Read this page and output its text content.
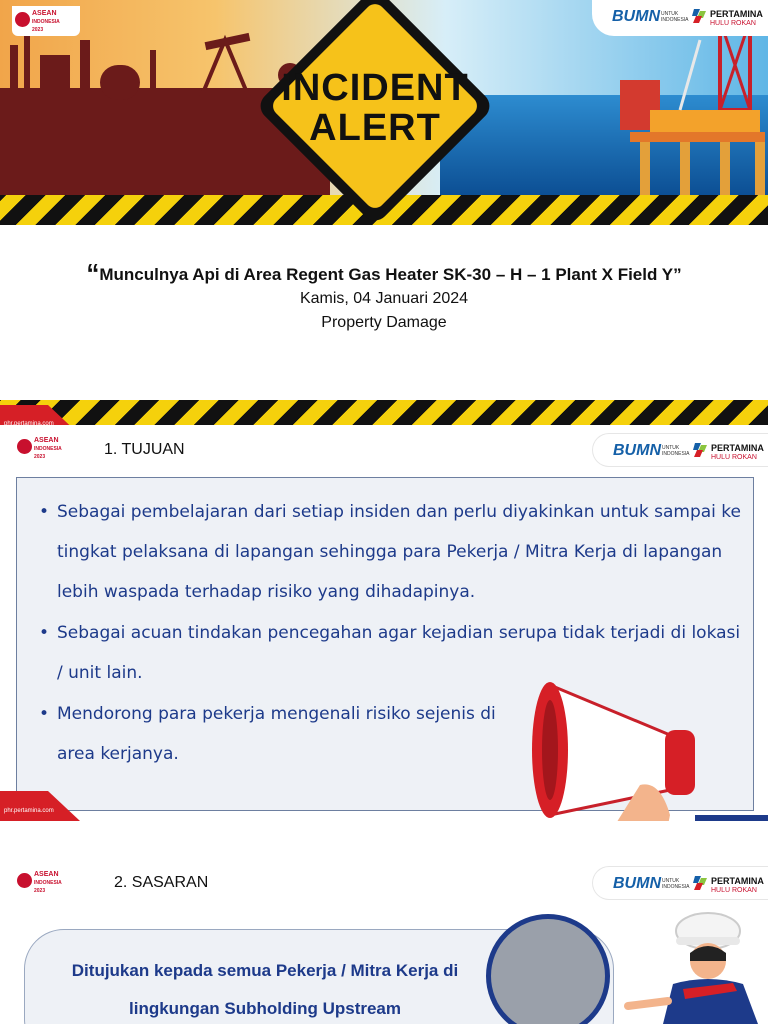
INCIDENT
ALERT
ASEAN
INDONESIA
2023
BUMN UNTUK
INDONESIA
PERTAMINA
HULU ROKAN
“Munculnya Api di Area Regent Gas Heater SK-30 – H – 1 Plant X Field Y”
Kamis, 04 Januari 2024
Property Damage
phr.pertamina.com
ASEAN
INDONESIA
2023	1. TUJUAN	BUMN UNTUK
INDONESIA
PERTAMINA
HULU ROKAN
• Sebagai pembelajaran dari setiap insiden dan perlu diyakinkan untuk sampai ke tingkat pelaksana di lapangan sehingga para Pekerja / Mitra Kerja di lapangan lebih waspada terhadap risiko yang dihadapinya.
• Sebagai acuan tindakan pencegahan agar kejadian serupa tidak terjadi di lokasi / unit lain.
• Mendorong para pekerja mengenali risiko sejenis di area kerjanya.
phr.pertamina.com
ASEAN
INDONESIA
2023	2. SASARAN	BUMN UNTUK
INDONESIA
PERTAMINA
HULU ROKAN
Ditujukan kepada semua Pekerja / Mitra Kerja di lingkungan Subholding Upstream
